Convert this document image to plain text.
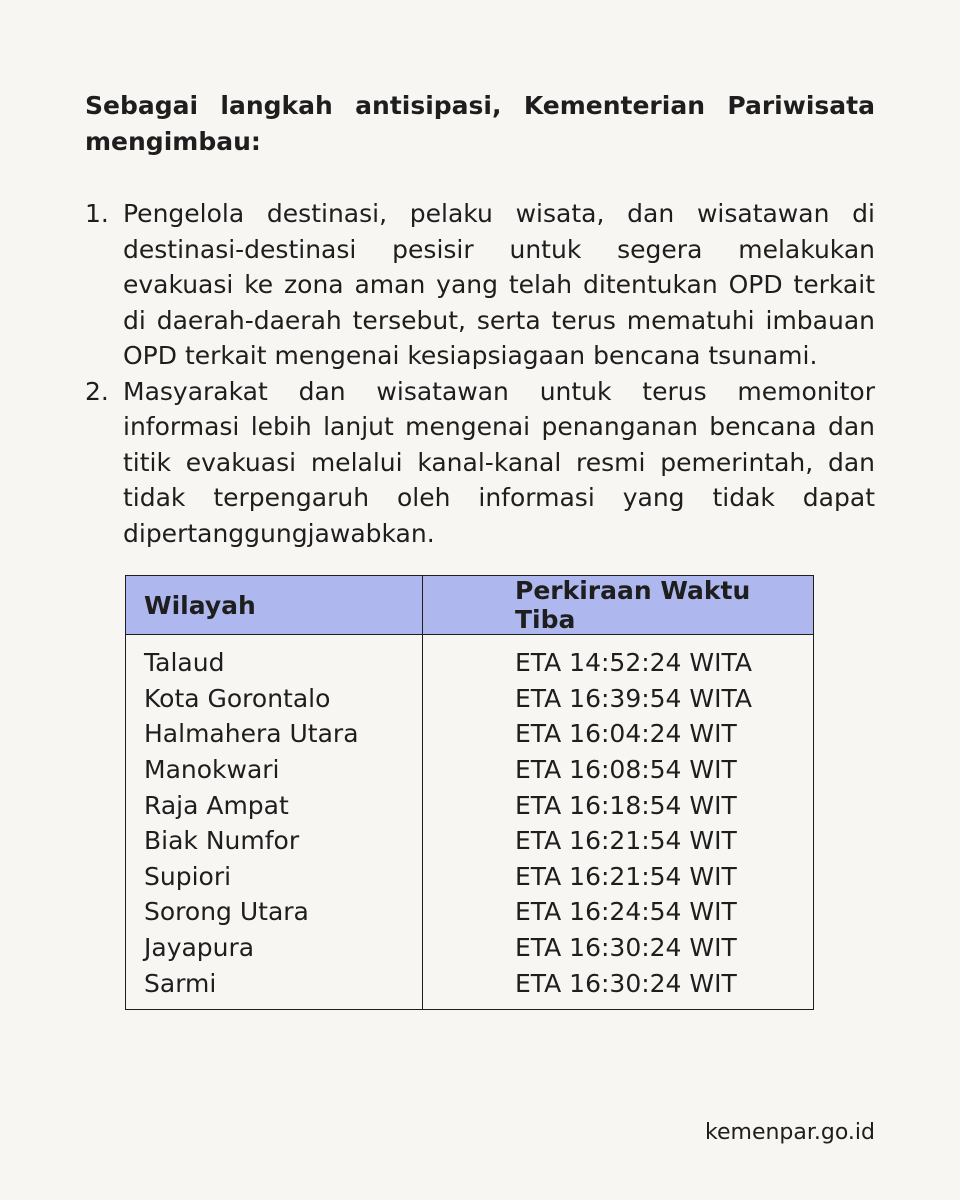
Sebagai langkah antisipasi, Kementerian Pariwisata mengimbau:

1. Pengelola destinasi, pelaku wisata, dan wisatawan di destinasi-destinasi pesisir untuk segera melakukan evakuasi ke zona aman yang telah ditentukan OPD terkait di daerah-daerah tersebut, serta terus mematuhi imbauan OPD terkait mengenai kesiapsiagaan bencana tsunami.
2. Masyarakat dan wisatawan untuk terus memonitor informasi lebih lanjut mengenai penanganan bencana dan titik evakuasi melalui kanal-kanal resmi pemerintah, dan tidak terpengaruh oleh informasi yang tidak dapat dipertanggungjawabkan.
Wilayah	Perkiraan Waktu Tiba
Talaud	ETA 14:52:24 WITA
Kota Gorontalo	ETA 16:39:54 WITA
Halmahera Utara	ETA 16:04:24 WIT
Manokwari	ETA 16:08:54 WIT
Raja Ampat	ETA 16:18:54 WIT
Biak Numfor	ETA 16:21:54 WIT
Supiori	ETA 16:21:54 WIT
Sorong Utara	ETA 16:24:54 WIT
Jayapura	ETA 16:30:24 WIT
Sarmi	ETA 16:30:24 WIT
kemenpar.go.id
